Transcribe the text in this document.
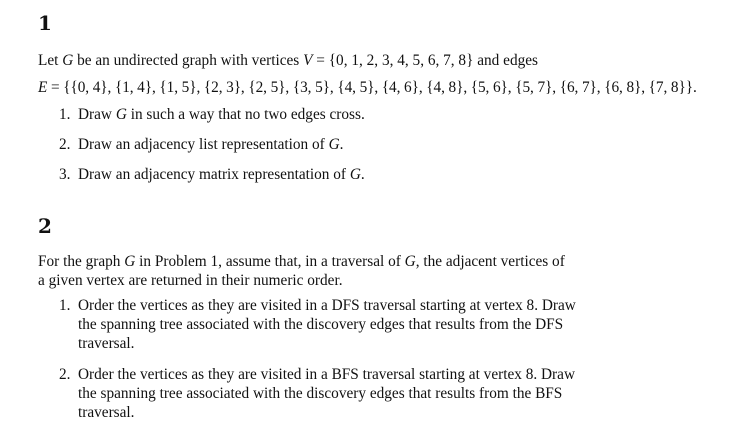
1
Let G be an undirected graph with vertices V = {0, 1, 2, 3, 4, 5, 6, 7, 8} and edges
E = {{0, 4}, {1, 4}, {1, 5}, {2, 3}, {2, 5}, {3, 5}, {4, 5}, {4, 6}, {4, 8}, {5, 6}, {5, 7}, {6, 7}, {6, 8}, {7, 8}}.
1. Draw G in such a way that no two edges cross.
2. Draw an adjacency list representation of G.
3. Draw an adjacency matrix representation of G.
2
For the graph G in Problem 1, assume that, in a traversal of G, the adjacent vertices of
a given vertex are returned in their numeric order.
1. Order the vertices as they are visited in a DFS traversal starting at vertex 8. Draw
the spanning tree associated with the discovery edges that results from the DFS
traversal.
2. Order the vertices as they are visited in a BFS traversal starting at vertex 8. Draw
the spanning tree associated with the discovery edges that results from the BFS
traversal.
